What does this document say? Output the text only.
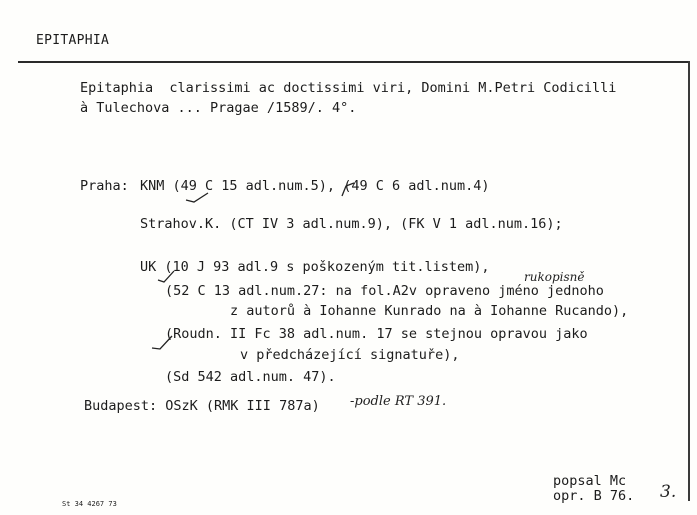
EPITAPHIA
Epitaphia  clarissimi ac doctissimi viri, Domini M.Petri Codicilli
à Tulechova ... Pragae /1589/. 4°.
Praha: KNM (49 C 15 adl.num.5), (49 C 6 adl.num.4)
Strahov.K. (CT IV 3 adl.num.9), (FK V 1 adl.num.16);
UK (10 J 93 adl.9 s poškozeným tit.listem),
rukopisně
(52 C 13 adl.num.27: na fol.A2v opraveno jméno jednoho
z autorů à Iohanne Kunrado na à Iohanne Rucando),
(Roudn. II Fc 38 adl.num. 17 se stejnou opravou jako
v předcházející signatuře),
(Sd 542 adl.num. 47).
Budapest: OSzK (RMK III 787a) -podle RT 391.
popsal Mc
opr. B 76. 3.
St 34 4267 73
